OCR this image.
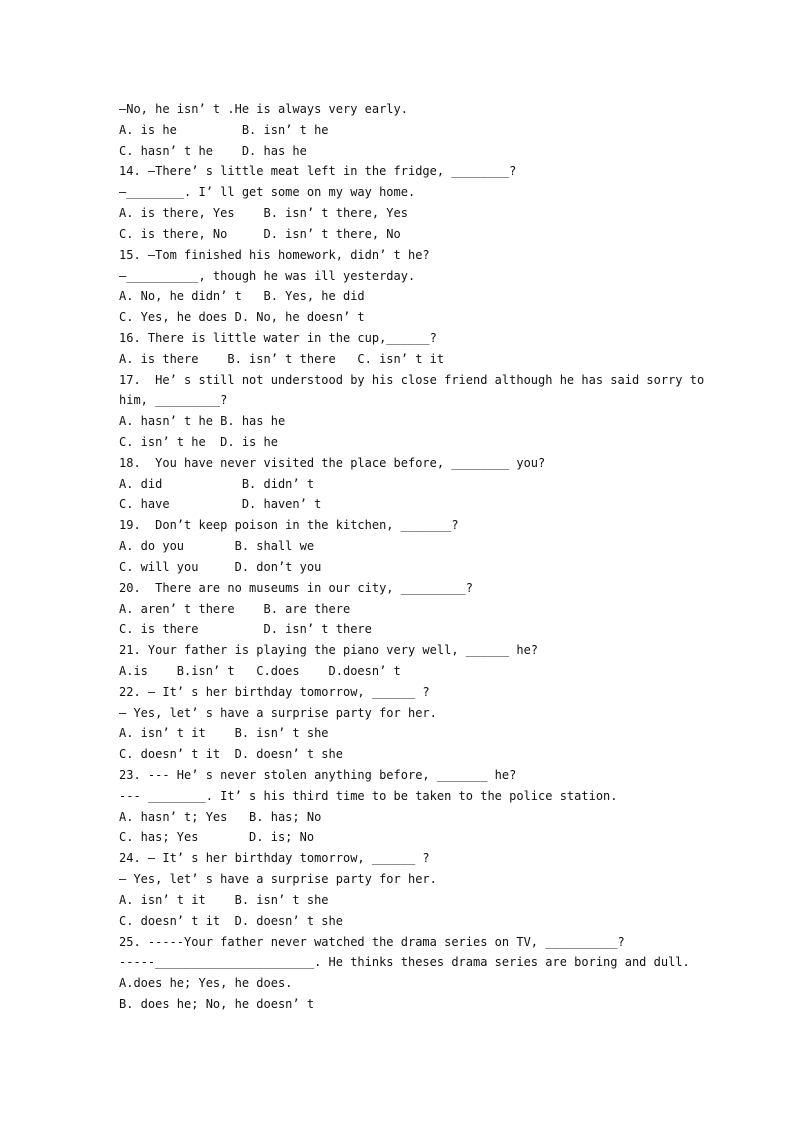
—No, he isn’ t .He is always very early.
A. is he         B. isn’ t he
C. hasn’ t he    D. has he
14. —There’ s little meat left in the fridge, ________?
—________. I’ ll get some on my way home.
A. is there, Yes    B. isn’ t there, Yes
C. is there, No     D. isn’ t there, No
15. —Tom finished his homework, didn’ t he?
—__________, though he was ill yesterday.
A. No, he didn’ t   B. Yes, he did
C. Yes, he does D. No, he doesn’ t
16. There is little water in the cup,______?
A. is there    B. isn’ t there   C. isn’ t it
17.  He’ s still not understood by his close friend although he has said sorry to
him, _________?
A. hasn’ t he B. has he
C. isn’ t he  D. is he
18.  You have never visited the place before, ________ you?
A. did           B. didn’ t
C. have          D. haven’ t
19.  Don’t keep poison in the kitchen, _______?
A. do you       B. shall we
C. will you     D. don’t you
20.  There are no museums in our city, _________?
A. aren’ t there    B. are there
C. is there         D. isn’ t there
21. Your father is playing the piano very well, ______ he?
A.is    B.isn’ t   C.does    D.doesn’ t
22. — It’ s her birthday tomorrow, ______ ?
— Yes, let’ s have a surprise party for her.
A. isn’ t it    B. isn’ t she
C. doesn’ t it  D. doesn’ t she
23. --- He’ s never stolen anything before, _______ he?
--- ________. It’ s his third time to be taken to the police station.
A. hasn’ t; Yes   B. has; No
C. has; Yes       D. is; No
24. — It’ s her birthday tomorrow, ______ ?
— Yes, let’ s have a surprise party for her.
A. isn’ t it    B. isn’ t she
C. doesn’ t it  D. doesn’ t she
25. -----Your father never watched the drama series on TV, __________?
-----______________________. He thinks theses drama series are boring and dull.
A.does he; Yes, he does.
B. does he; No, he doesn’ t
